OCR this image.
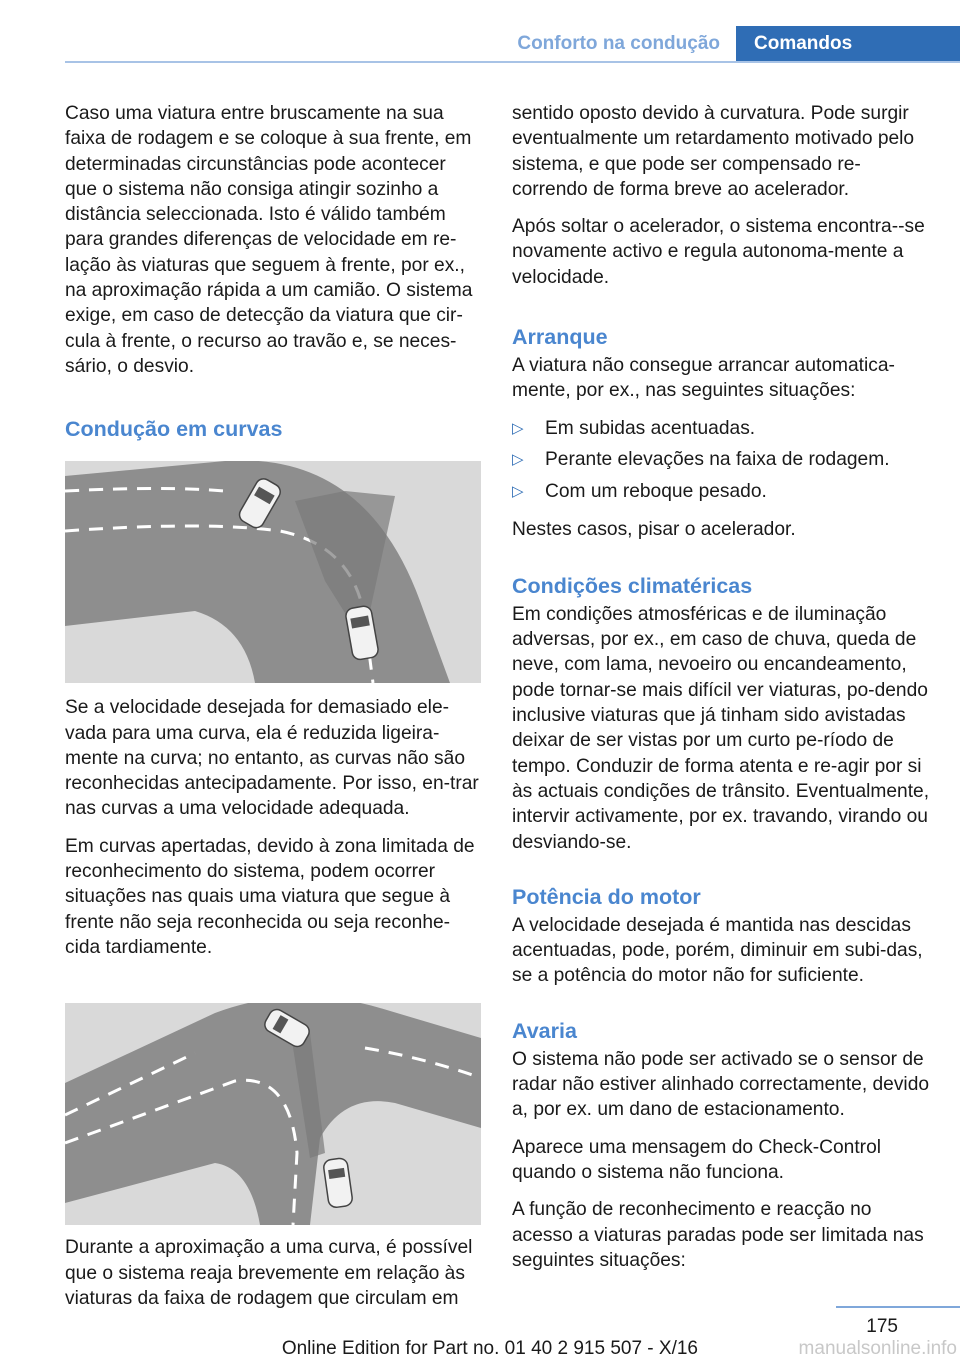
Conforto na condução	Comandos

Caso uma viatura entre bruscamente na sua faixa de rodagem e se coloque à sua frente, em determinadas circunstâncias pode acontecer que o sistema não consiga atingir sozinho a distância seleccionada. Isto é válido também para grandes diferenças de velocidade em re-lação às viaturas que seguem à frente, por ex., na aproximação rápida a um camião. O sistema exige, em caso de detecção da viatura que cir-cula à frente, o recurso ao travão e, se neces-sário, o desvio.

Condução em curvas

Se a velocidade desejada for demasiado ele-vada para uma curva, ela é reduzida ligeira-mente na curva; no entanto, as curvas não são reconhecidas antecipadamente. Por isso, en-trar nas curvas a uma velocidade adequada.

Em curvas apertadas, devido à zona limitada de reconhecimento do sistema, podem ocorrer situações nas quais uma viatura que segue à frente não seja reconhecida ou seja reconhe-cida tardiamente.

Durante a aproximação a uma curva, é possível que o sistema reaja brevemente em relação às viaturas da faixa de rodagem que circulam em

sentido oposto devido à curvatura. Pode surgir eventualmente um retardamento motivado pelo sistema, e que pode ser compensado re-correndo de forma breve ao acelerador.

Após soltar o acelerador, o sistema encontra--se novamente activo e regula autonoma-mente a velocidade.

Arranque

A viatura não consegue arrancar automatica-mente, por ex., nas seguintes situações:

▷ Em subidas acentuadas.
▷ Perante elevações na faixa de rodagem.
▷ Com um reboque pesado.

Nestes casos, pisar o acelerador.

Condições climatéricas

Em condições atmosféricas e de iluminação adversas, por ex., em caso de chuva, queda de neve, com lama, nevoeiro ou encandeamento, pode tornar-se mais difícil ver viaturas, po-dendo inclusive viaturas que já tinham sido avistadas deixar de ser vistas por um curto pe-ríodo de tempo. Conduzir de forma atenta e re-agir por si às actuais condições de trânsito. Eventualmente, intervir activamente, por ex. travando, virando ou desviando-se.

Potência do motor

A velocidade desejada é mantida nas descidas acentuadas, pode, porém, diminuir em subi-das, se a potência do motor não for suficiente.

Avaria

O sistema não pode ser activado se o sensor de radar não estiver alinhado correctamente, devido a, por ex. um dano de estacionamento.

Aparece uma mensagem do Check-Control quando o sistema não funciona.

A função de reconhecimento e reacção no acesso a viaturas paradas pode ser limitada nas seguintes situações:

175
Online Edition for Part no. 01 40 2 915 507 - X/16	manualsonline.info
